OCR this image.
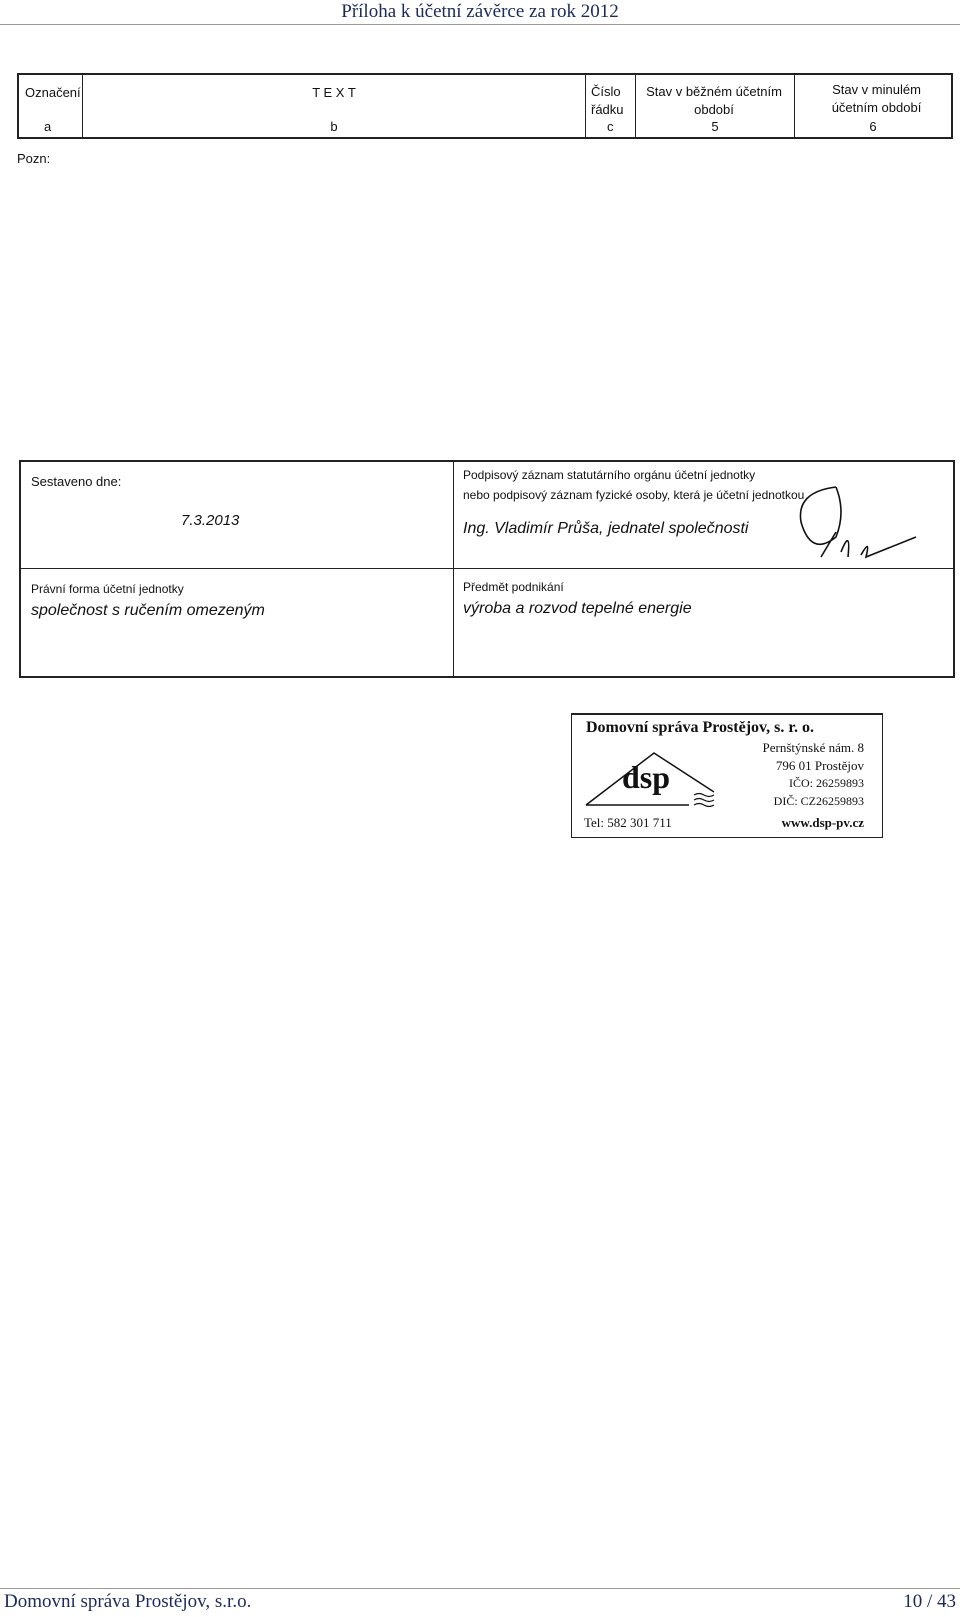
Příloha k účetní závěrce za rok 2012
Označení
a
T E X T
b
Číslo řádku
c
Stav v běžném účetním období
5
Stav v minulém účetním období
6
Pozn:
Sestaveno dne:
7.3.2013
Podpisový záznam statutárního orgánu účetní jednotky
nebo podpisový záznam fyzické osoby, která je účetní jednotkou
Ing. Vladimír Průša, jednatel společnosti
Právní forma účetní jednotky
společnost s ručením omezeným
Předmět podnikání
výroba a rozvod tepelné energie
Domovní správa Prostějov, s. r. o.
Pernštýnské nám. 8
796 01 Prostějov
IČO: 26259893
DIČ: CZ26259893
dsp
Tel: 582 301 711	www.dsp-pv.cz
Domovní správa Prostějov, s.r.o.	10 / 43
